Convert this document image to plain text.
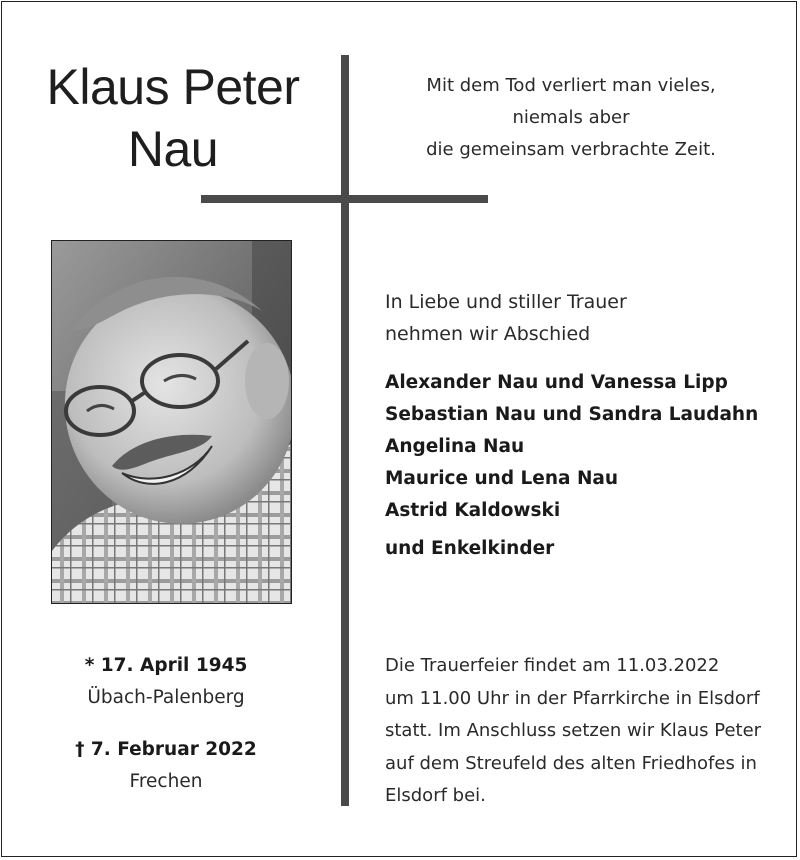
Klaus Peter
Nau
Mit dem Tod verliert man vieles,
niemals aber
die gemeinsam verbrachte Zeit.
In Liebe und stiller Trauer
nehmen wir Abschied
Alexander Nau und Vanessa Lipp
Sebastian Nau und Sandra Laudahn
Angelina Nau
Maurice und Lena Nau
Astrid Kaldowski
und Enkelkinder
* 17. April 1945
Übach-Palenberg
† 7. Februar 2022
Frechen
Die Trauerfeier findet am 11.03.2022
um 11.00 Uhr in der Pfarrkirche in Elsdorf
statt. Im Anschluss setzen wir Klaus Peter
auf dem Streufeld des alten Friedhofes in
Elsdorf bei.
